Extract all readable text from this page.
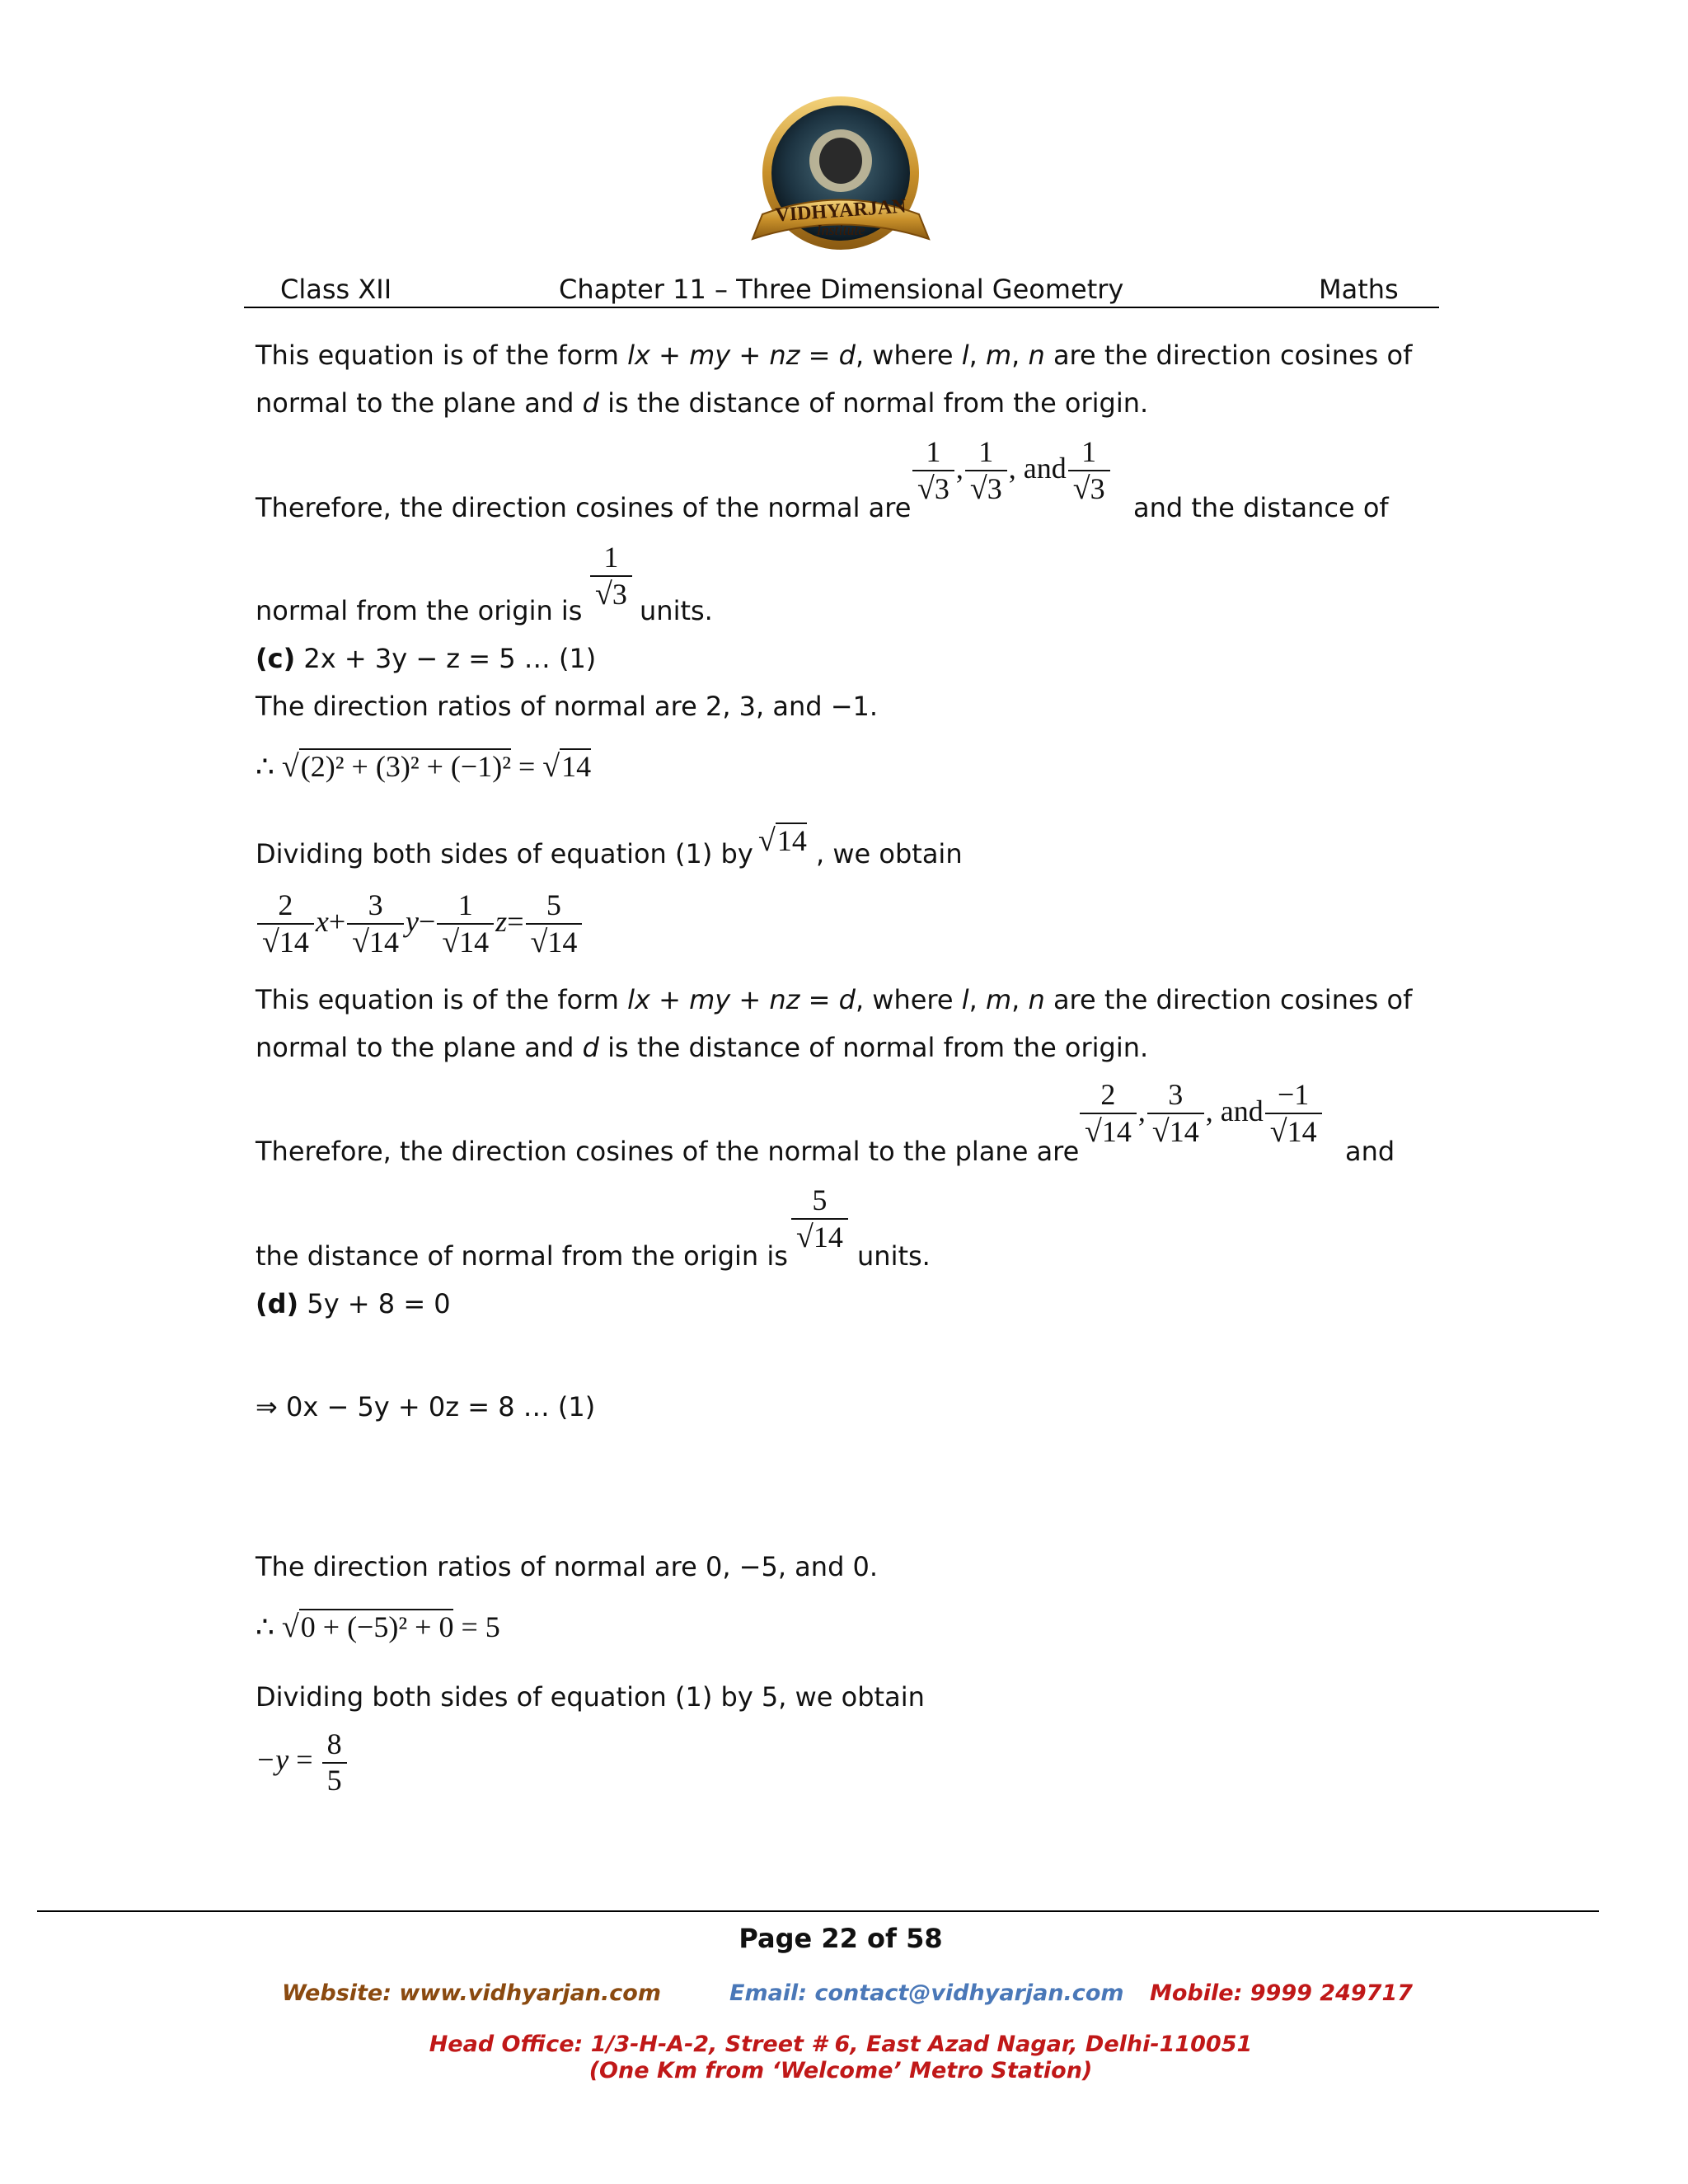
VIDHYARJAN
Institute
Class XII	Chapter 11 – Three Dimensional Geometry	Maths
This equation is of the form lx + my + nz = d, where l, m, n are the direction cosines of
normal to the plane and d is the distance of normal from the origin.
Therefore, the direction cosines of the normal are
$\frac{1}{√3}$ , $\frac{1}{√3}$ , and $\frac{1}{√3}$
and the distance of
normal from the origin is $\frac{1}{√3}$ units.
(c) 2x + 3y − z = 5 … (1)
The direction ratios of normal are 2, 3, and −1.
∴ √(2)² + (3)² + (−1)² = √14
Dividing both sides of equation (1) by √14 , we obtain
$\frac{2}{√14} x+ \frac{3}{√14} y- \frac{1}{√14} z= \frac{5}{√14}$
This equation is of the form lx + my + nz = d, where l, m, n are the direction cosines of
normal to the plane and d is the distance of normal from the origin.
Therefore, the direction cosines of the normal to the plane are
$\frac{2}{√14}$ , $\frac{3}{√14}$ , and $\frac{-1}{√14}$
and
the distance of normal from the origin is
$\frac{5}{√14}$
units.
(d) 5y + 8 = 0
⇒ 0x − 5y + 0z = 8 … (1)
The direction ratios of normal are 0, −5, and 0.
∴ √0 + (−5)² + 0 = 5
Dividing both sides of equation (1) by 5, we obtain
$-y = \frac{8}{5}$
Page 22 of 58
Website: www.vidhyarjan.com	Email: contact@vidhyarjan.com Mobile: 9999 249717
Head Office: 1/3-H-A-2, Street # 6, East Azad Nagar, Delhi-110051
(One Km from ‘Welcome’ Metro Station)
